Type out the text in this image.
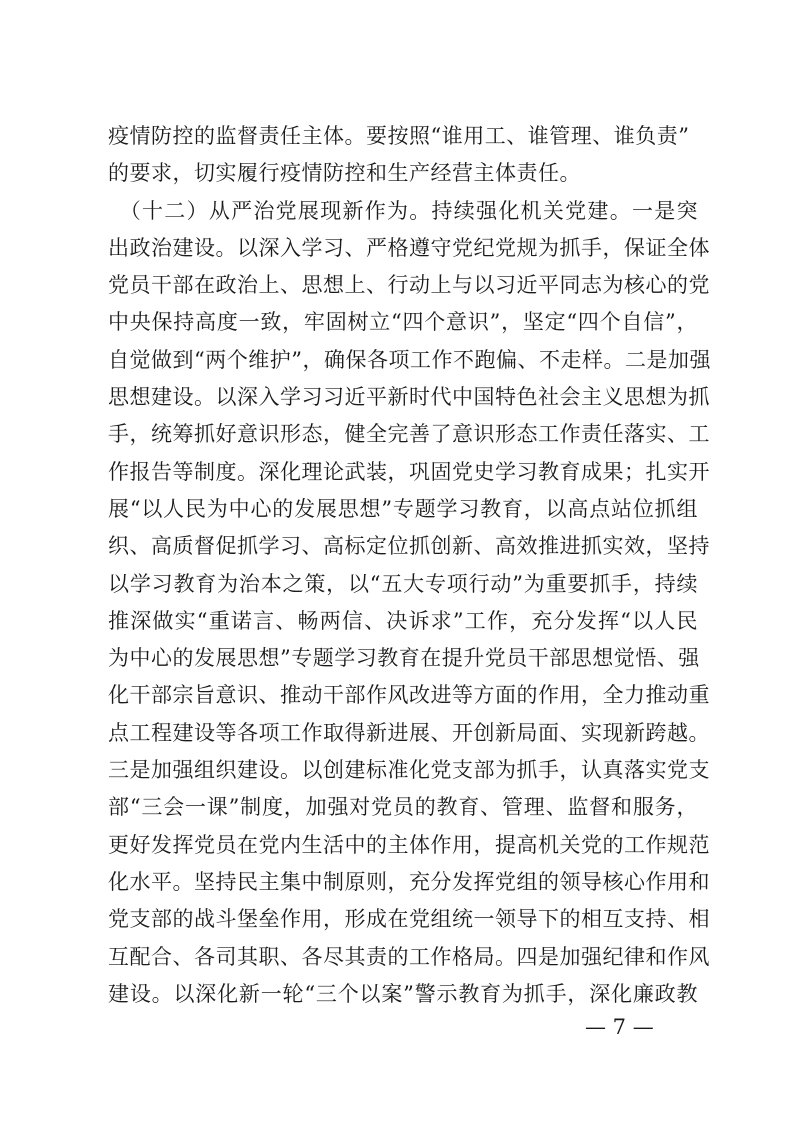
疫情防控的监督责任主体。要按照“谁用工、谁管理、谁负责”
的要求，切实履行疫情防控和生产经营主体责任。
　（十二）从严治党展现新作为。持续强化机关党建。一是突
出政治建设。以深入学习、严格遵守党纪党规为抓手，保证全体
党员干部在政治上、思想上、行动上与以习近平同志为核心的党
中央保持高度一致，牢固树立“四个意识”，坚定“四个自信”，
自觉做到“两个维护”，确保各项工作不跑偏、不走样。二是加强
思想建设。以深入学习习近平新时代中国特色社会主义思想为抓
手，统筹抓好意识形态，健全完善了意识形态工作责任落实、工
作报告等制度。深化理论武装，巩固党史学习教育成果；扎实开
展“以人民为中心的发展思想”专题学习教育，以高点站位抓组
织、高质督促抓学习、高标定位抓创新、高效推进抓实效，坚持
以学习教育为治本之策，以“五大专项行动”为重要抓手，持续
推深做实“重诺言、畅两信、决诉求”工作，充分发挥“以人民
为中心的发展思想”专题学习教育在提升党员干部思想觉悟、强
化干部宗旨意识、推动干部作风改进等方面的作用，全力推动重
点工程建设等各项工作取得新进展、开创新局面、实现新跨越。
三是加强组织建设。以创建标准化党支部为抓手，认真落实党支
部“三会一课”制度，加强对党员的教育、管理、监督和服务，
更好发挥党员在党内生活中的主体作用，提高机关党的工作规范
化水平。坚持民主集中制原则，充分发挥党组的领导核心作用和
党支部的战斗堡垒作用，形成在党组统一领导下的相互支持、相
互配合、各司其职、各尽其责的工作格局。四是加强纪律和作风
建设。以深化新一轮“三个以案”警示教育为抓手，深化廉政教
— 7 —
